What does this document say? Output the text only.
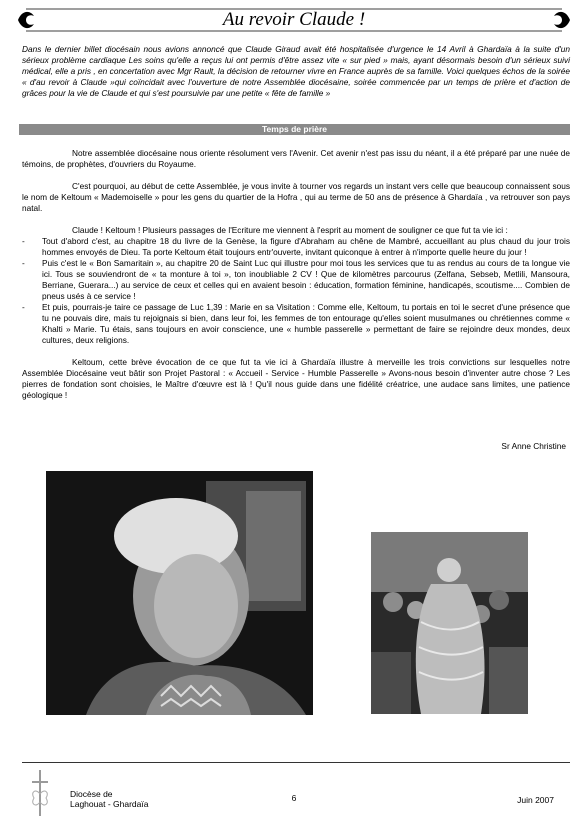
Au revoir Claude !

Dans le dernier billet diocésain nous avions annoncé que Claude Giraud avait été hospitalisée d'urgence le 14 Avril à Ghardaïa à la suite d'un sérieux problème cardiaque Les soins qu'elle a reçus lui ont permis d'être assez vite « sur pied » mais, ayant désormais besoin d'un sérieux suivi médical, elle a pris , en concertation avec Mgr Rault, la décision de retourner vivre en France auprès de sa famille. Voici quelques échos de la soirée « d'au revoir à Claude »qui coïncidait avec l'ouverture de notre Assemblée diocésaine, soirée commencée par un temps de prière et d'action de grâces pour la vie de Claude et qui s'est poursuivie par une petite « fête de famille »

Temps de prière

Notre assemblée diocésaine nous oriente résolument vers l'Avenir. Cet avenir n'est pas issu du néant, il a été préparé par une nuée de témoins, de prophètes, d'ouvriers du Royaume.

C'est pourquoi, au début de cette Assemblée, je vous invite à tourner vos regards un instant vers celle que beaucoup connaissent sous le nom de Keltoum « Mademoiselle » pour les gens du quartier de la Hofra , qui au terme de 50 ans de présence à Ghardaïa , va retrouver son pays natal.

Claude ! Keltoum ! Plusieurs passages de l'Ecriture me viennent à l'esprit au moment de souligner ce que fut ta vie ici :

- Tout d'abord c'est, au chapitre 18 du livre de la Genèse, la figure d'Abraham au chêne de Mambré, accueillant au plus chaud du jour trois hommes envoyés de Dieu. Ta porte Keltoum était toujours entr'ouverte, invitant quiconque à entrer à n'importe quelle heure du jour !
- Puis c'est le « Bon Samaritain », au chapitre 20 de Saint Luc qui illustre pour moi tous les services que tu as rendus au cours de ta longue vie ici. Tous se souviendront de « ta monture à toi », ton inoubliable 2 CV ! Que de kilomètres parcourus (Zelfana, Sebseb, Metlili, Mansoura, Berriane, Guerara...) au service de ceux et celles qui en avaient besoin : éducation, formation féminine, handicapés, scoutisme.... Combien de pneus usés à ce service !
- Et puis, pourrais-je taire ce passage de Luc 1,39 : Marie en sa Visitation : Comme elle, Keltoum, tu portais en toi le secret d'une présence que tu ne pouvais dire, mais tu rejoignais si bien, dans leur foi, les femmes de ton entourage qu'elles soient musulmanes ou chrétiennes comme « Khalti » Marie. Tu étais, sans toujours en avoir conscience, une « humble passerelle » permettant de faire se rejoindre deux mondes, deux cultures, deux religions.

Keltoum, cette brève évocation de ce que fut ta vie ici à Ghardaïa illustre à merveille les trois convictions sur lesquelles notre Assemblée Diocésaine veut bâtir son Projet Pastoral : « Accueil - Service - Humble Passerelle » Avons-nous besoin d'inventer autre chose ? Les pierres de fondation sont choisies, le Maître d'œuvre est là ! Qu'il nous guide dans une fidélité créatrice, une audace sans limites, une patience géologique !

Sr Anne Christine
Diocèse de
Laghouat - Ghardaïa
6	Juin 2007
